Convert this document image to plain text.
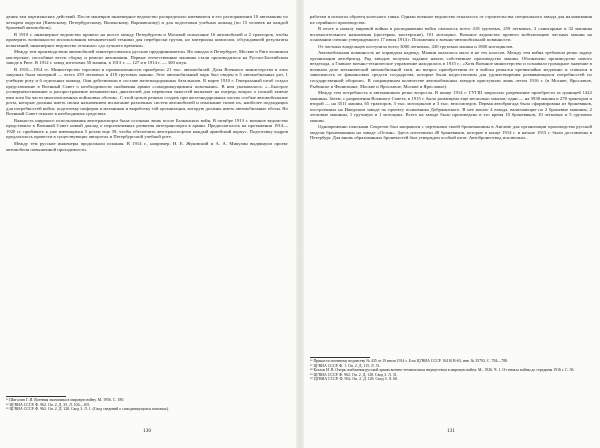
дения там партизанских действий. После маневров инженерное ведомство распределило имевшиеся в его распоряжении 10 автомашин по четырем округам (Киевскому, Петербургскому, Виленскому, Варшавскому) и для подготовки учебных команд (по 15 человек на каждой броневой автомобиль).

В 1910 г. инженерное ведомство провело на шоссе между Петербургом и Москвой испытание 16 автомобилей и 2 тракторов, чтобы проверить возможности использования механической техники для переброски грузов, но материалы комиссии, обсуждавшей результаты испытаний, инженерное ведомство отложило «до лучшего времени».

Между тем производством автомобилей заинтересовались русские предприниматели. На заводах в Петербурге, Москве и Риге возникли мастерские, способные вести сборку и ремонт автомашин. Первые отечественные машины стали производиться на Русско-Балтийском заводе в Риге. В 1912 г. завод изготовил 50 машин, в 1913 г. — 127 и в 1914 г. — 300 штук.

В 1910—1914 гг. Министерство торговли и промышленности приобрело 21 тыс. автомобилей. Доля Военного министерства в этих закупках была мизерной — всего 259 легковых и 418 грузовых машин. Этот автомобильный парк был сведен в 5 автомобильных рот, 1 учебную роту и 6 отдельных команд. Они действовали в составе железнодорожных батальонов. В марте 1910 г. Генеральный штаб создал представление в Военный Совет о необходимости снабжения армии «самодвижущимися повозками». В нем указывалось: «...Быстрое усовершенствование и распространение механических двигателей для перевозки тяжестей вызывает на очередь вопрос о полной замене ими хотя бы части многочисленных войсковых обозов». С этой целью решено создать при железнодорожных частях особые автомобильные роты, которые должны иметь своим назначением испытание различных систем автомобилей и изыскание типов их, наиболее подходящих для потребностей войск; подготовку шоферов и механиков и выработку той организации, которую должны иметь автомобильные обозы. Но Военный Совет отказал в необходимых средствах.

Важность широкого использования автотранспорта была осознана лишь после Балканских войн. В октябре 1913 г. военное ведомство представило в Военный Совет новый доклад о перспективных развития автотранспорта в армии. Предполагалось на протяжении 1914—1920 гг. прибавить к уже имеющимся 5 ротам еще 39, чтобы обеспечить автотранспортом каждый армейский корпус. Подготовку кадров предлагалось провести в существующих авторотах и Петербургской учебной роте.

Между тем русские инженеры продолжали искания. В 1914 г., например, Н. Е. Жуковский и А. А. Микулин выдвинули проект автомобиля повышенной проходимости.

³³ Шигалин Г. И. Военная экономика в мировую войну. М. 1956. С. 180.

³⁴ ЦГВИА СССР. Ф. 962. Оп. 2. Д. 35. Л. 104—105.

³⁵ ЦГВИА СССР. Ф. 962. Оп. 2. Д. 128. Свод 3. Л. 1. (Свод сведений о самодвижущихся повозках).

130

работам и испытал образец колесного танка. Однако военное ведомство отказалось от строительства специального завода для налаживания их серийного производства.

В итоге к началу мировой войны в распоряжении войск оказалось всего 418 грузовых, 259 легковых, 2 санитарные и 32 машины вспомогательного назначения (цистерны, мастерские), 101 мотоцикл. Военное ведомство провело мобилизацию частных машин на основании спешно утвержденного 17 июля 1914 г. Положения о военно-автомобильной повинности.

От частных владельцев поступило всего 3000 легковых, 430 грузовых машин и 1800 мотоциклов.

Автомобильная повинность не оправдала надежд. Машин оказалось мало и не тех классов. Между тем война требовала резко задачу организации автобригад. Ряд заводов получил задание начать собственное производство машин. Обозначено производство нового вездехода, а Главное военно-техническое управление находилось в 1915 г.: «Хотя Военное министерство и сознавало громадное значение в военном деле механической автомобильной тяги, но вопрос приобретения ее в войска решался чрезвычайно медленно и ставился в зависимость от финансовых средств государства, которые были недостаточны для удовлетворения развивающихся потребностей по государственной обороне». В сокращенном количестве автомобильных заводов приступили лишь летом 1916 г. (в Москве, Ярославле, Рыбинске и Филиппине, Москве и Ярославле, Москве и Ярославле).

Между тем потребность в автомашинах резко возросла. В конце 1914 г. ГУГШ запросило разрешение приобрести за границей 1422 машины. Затем, с разрешения Военного Совета, в 1915 г. было размещено еще несколько заказов: одни — на 3938 машин и 278 тракторов и второй — на 3511 машин, 65 тракторов, 3 тыс. мотоциклов и 3 тыс. велосипедов. Первая автобригада была сформирована из броневиков, построенных на Ижорском заводе по проекту полковника Добржанского. В нее вошло 4 взвода, включающие по 2 броневые машины, 2 легковые машины, 1 грузовую и 1 мотоцикл. Всего на заводе было произведено в это время 10 броневиков, 10 легковых и 5 грузовых машин.

Одновременно поисками Секретов был направлен с чертежами своей бронемашины в Англию для организации производства русской модели бронемашины на заводе «Остин». Здесь изготовили 48 броневиков, которые в конце 1914 г. и начале 1915 г. были доставлены в Петербург. Для вновь образованных бронечастей был утвержден особый штат. Автобронеотвод исключили...

³⁶ Приказ по военному ведомству № 435 от 19 июля 1914 г. Б-ка ЦГВИА СССР. 10410 В-63, инв. № 35792. С. 784—788.

³⁷ ЦГВИА СССР. Ф. 1. Оп. 2. Д. 115. Л. 51.

³⁸ Козлов И. В. Очерк снабжения русской армии военно-техническим имуществом в мировую войну. М., 1926. Ч. 1. От начала войны до середины 1916 г. С. 56.

³⁹ ЦГВИА СССР. Ф. 962. Оп. 2. Д. 128. Свод 3. Л. 31.

⁴⁰ ЦГВИА СССР. Ф. 962. Оп. 2. Д. 128. Свод 3. Л. 60.

131
